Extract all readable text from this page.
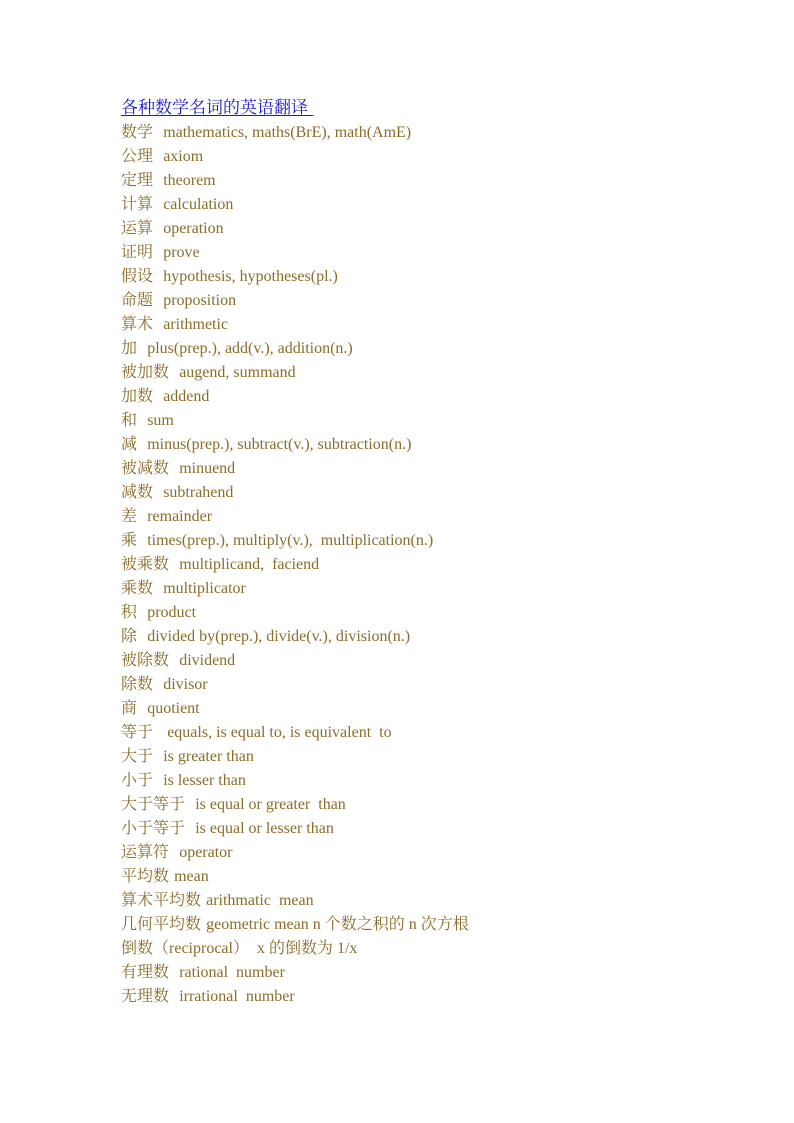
各种数学名词的英语翻译
数学 mathematics, maths(BrE), math(AmE)
公理 axiom
定理 theorem
计算 calculation
运算 operation
证明 prove
假设 hypothesis, hypotheses(pl.)
命题 proposition
算术 arithmetic
加 plus(prep.), add(v.), addition(n.)
被加数 augend, summand
加数 addend
和 sum
减 minus(prep.), subtract(v.), subtraction(n.)
被减数 minuend
减数 subtrahend
差 remainder
乘 times(prep.), multiply(v.),  multiplication(n.)
被乘数 multiplicand,  faciend
乘数 multiplicator
积 product
除 divided by(prep.), divide(v.), division(n.)
被除数 dividend
除数 divisor
商 quotient
等于   equals, is equal to, is equivalent  to
大于 is greater than
小于 is lesser than
大于等于 is equal or greater  than
小于等于 is equal or lesser than
运算符 operator
平均数 mean
算术平均数 arithmatic  mean
几何平均数 geometric mean n 个数之积的 n 次方根
倒数（reciprocal）  x 的倒数为 1/x
有理数 rational  number
无理数 irrational  number
